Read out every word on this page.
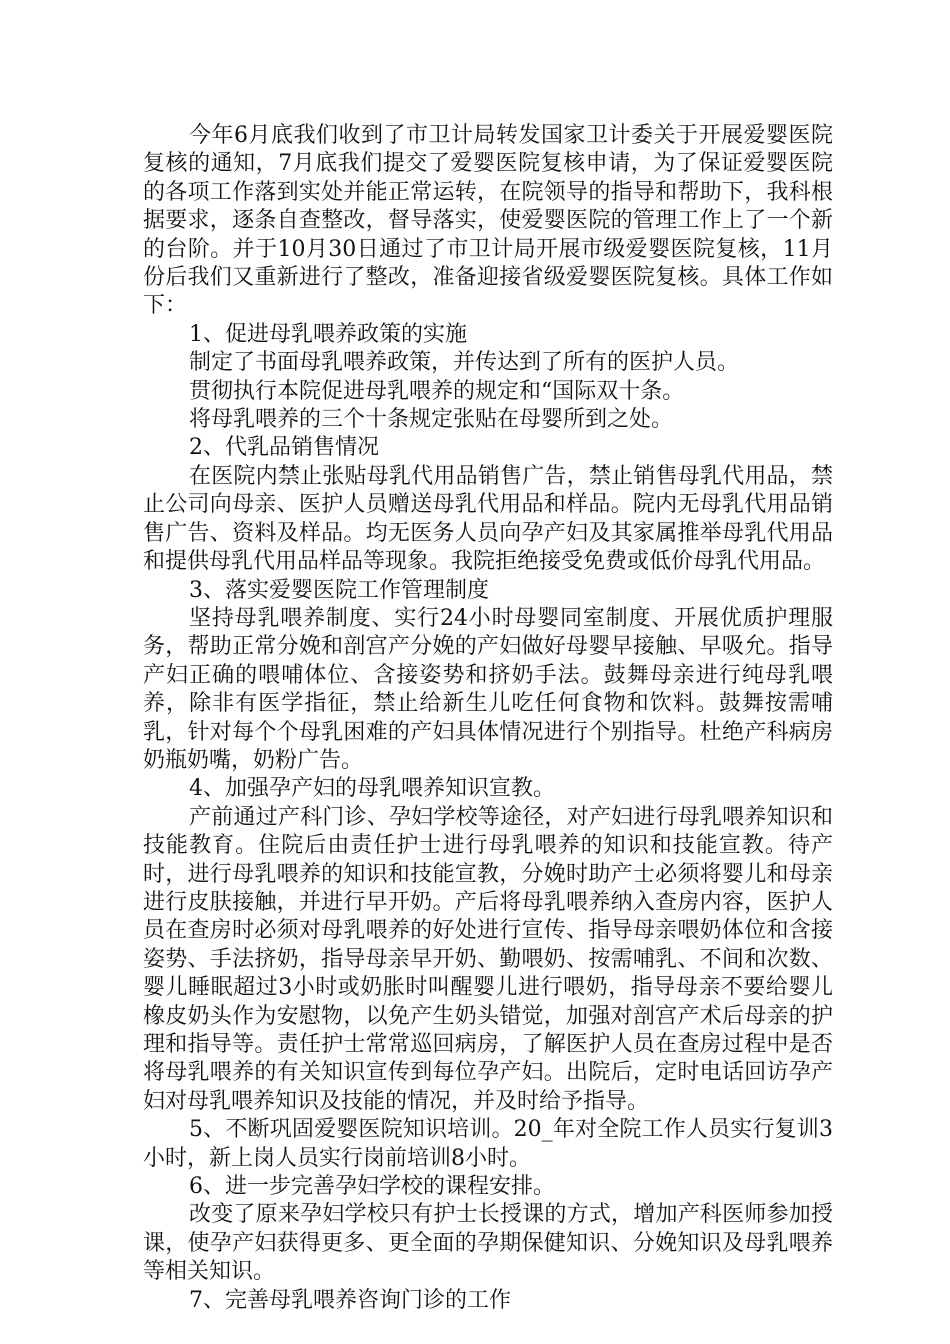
今年6月底我们收到了市卫计局转发国家卫计委关于开展爱婴医院复核的通知，7月底我们提交了爱婴医院复核申请，为了保证爱婴医院的各项工作落到实处并能正常运转，在院领导的指导和帮助下，我科根据要求，逐条自查整改，督导落实，使爱婴医院的管理工作上了一个新的台阶。并于10月30日通过了市卫计局开展市级爱婴医院复核，11月份后我们又重新进行了整改，准备迎接省级爱婴医院复核。具体工作如下：

1、促进母乳喂养政策的实施

制定了书面母乳喂养政策，并传达到了所有的医护人员。

贯彻执行本院促进母乳喂养的规定和“国际双十条。

将母乳喂养的三个十条规定张贴在母婴所到之处。

2、代乳品销售情况

在医院内禁止张贴母乳代用品销售广告，禁止销售母乳代用品，禁止公司向母亲、医护人员赠送母乳代用品和样品。院内无母乳代用品销售广告、资料及样品。均无医务人员向孕产妇及其家属推举母乳代用品和提供母乳代用品样品等现象。我院拒绝接受免费或低价母乳代用品。

3、落实爱婴医院工作管理制度

坚持母乳喂养制度、实行24小时母婴同室制度、开展优质护理服务，帮助正常分娩和剖宫产分娩的产妇做好母婴早接触、早吸允。指导产妇正确的喂哺体位、含接姿势和挤奶手法。鼓舞母亲进行纯母乳喂养，除非有医学指征，禁止给新生儿吃任何食物和饮料。鼓舞按需哺乳，针对每个个母乳困难的产妇具体情况进行个别指导。杜绝产科病房奶瓶奶嘴，奶粉广告。

4、加强孕产妇的母乳喂养知识宣教。

产前通过产科门诊、孕妇学校等途径，对产妇进行母乳喂养知识和技能教育。住院后由责任护士进行母乳喂养的知识和技能宣教。待产时，进行母乳喂养的知识和技能宣教，分娩时助产士必须将婴儿和母亲进行皮肤接触，并进行早开奶。产后将母乳喂养纳入查房内容，医护人员在查房时必须对母乳喂养的好处进行宣传、指导母亲喂奶体位和含接姿势、手法挤奶，指导母亲早开奶、勤喂奶、按需哺乳、不间和次数、婴儿睡眠超过3小时或奶胀时叫醒婴儿进行喂奶，指导母亲不要给婴儿橡皮奶头作为安慰物，以免产生奶头错觉，加强对剖宫产术后母亲的护理和指导等。责任护士常常巡回病房，了解医护人员在查房过程中是否将母乳喂养的有关知识宣传到每位孕产妇。出院后，定时电话回访孕产妇对母乳喂养知识及技能的情况，并及时给予指导。

5、不断巩固爱婴医院知识培训。20_年对全院工作人员实行复训3小时，新上岗人员实行岗前培训8小时。

6、进一步完善孕妇学校的课程安排。

改变了原来孕妇学校只有护士长授课的方式，增加产科医师参加授课，使孕产妇获得更多、更全面的孕期保健知识、分娩知识及母乳喂养等相关知识。

7、完善母乳喂养咨询门诊的工作
